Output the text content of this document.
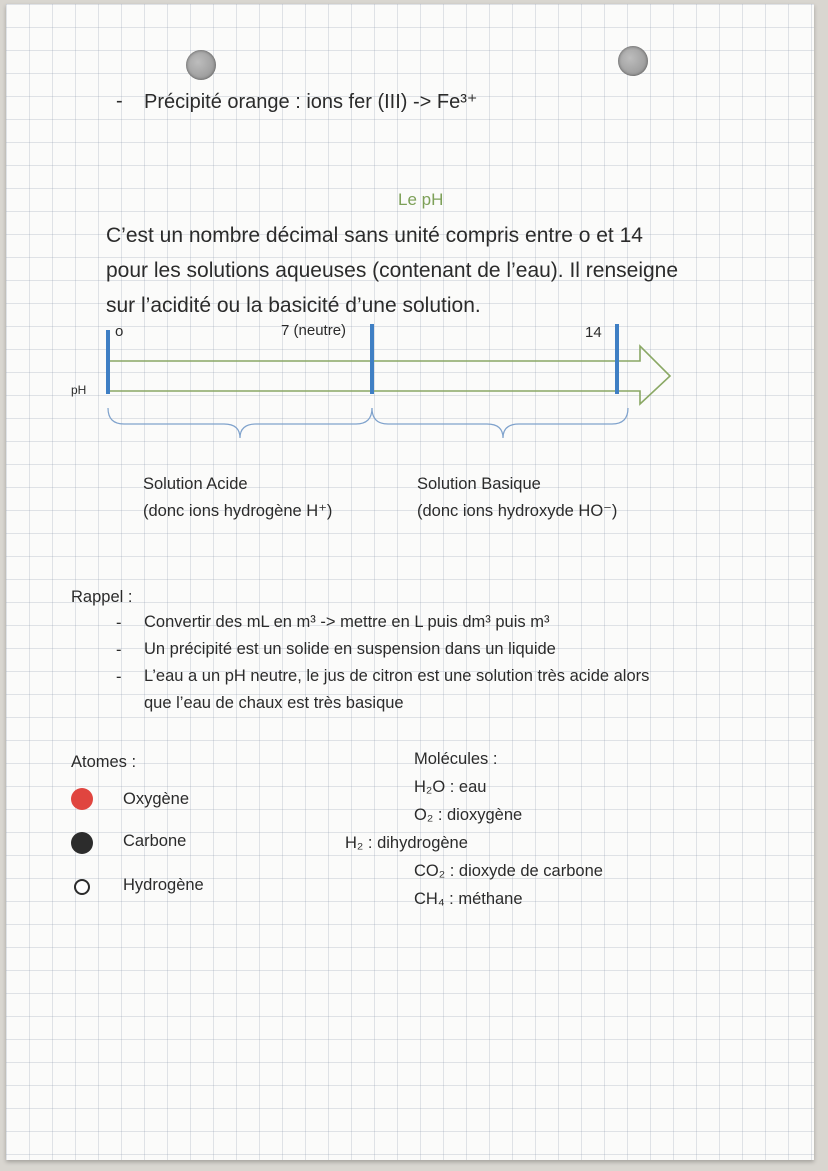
- Précipité orange : ions fer (III) -> Fe³⁺
Le pH
C’est un nombre décimal sans unité compris entre o et 14
pour les solutions aqueuses (contenant de l’eau). Il renseigne
sur l’acidité ou la basicité d’une solution.
o	7 (neutre)	14
pH
Solution Acide
(donc ions hydrogène H⁺)
Solution Basique
(donc ions hydroxyde HO⁻)
Rappel :
- Convertir des mL en m³ -> mettre en L puis dm³ puis m³
- Un précipité est un solide en suspension dans un liquide
- L’eau a un pH neutre, le jus de citron est une solution très acide alors
que l’eau de chaux est très basique
Atomes :
Oxygène
Carbone
Hydrogène
Molécules :
H₂O : eau
O₂ : dioxygène
H₂ : dihydrogène
CO₂ : dioxyde de carbone
CH₄ : méthane
